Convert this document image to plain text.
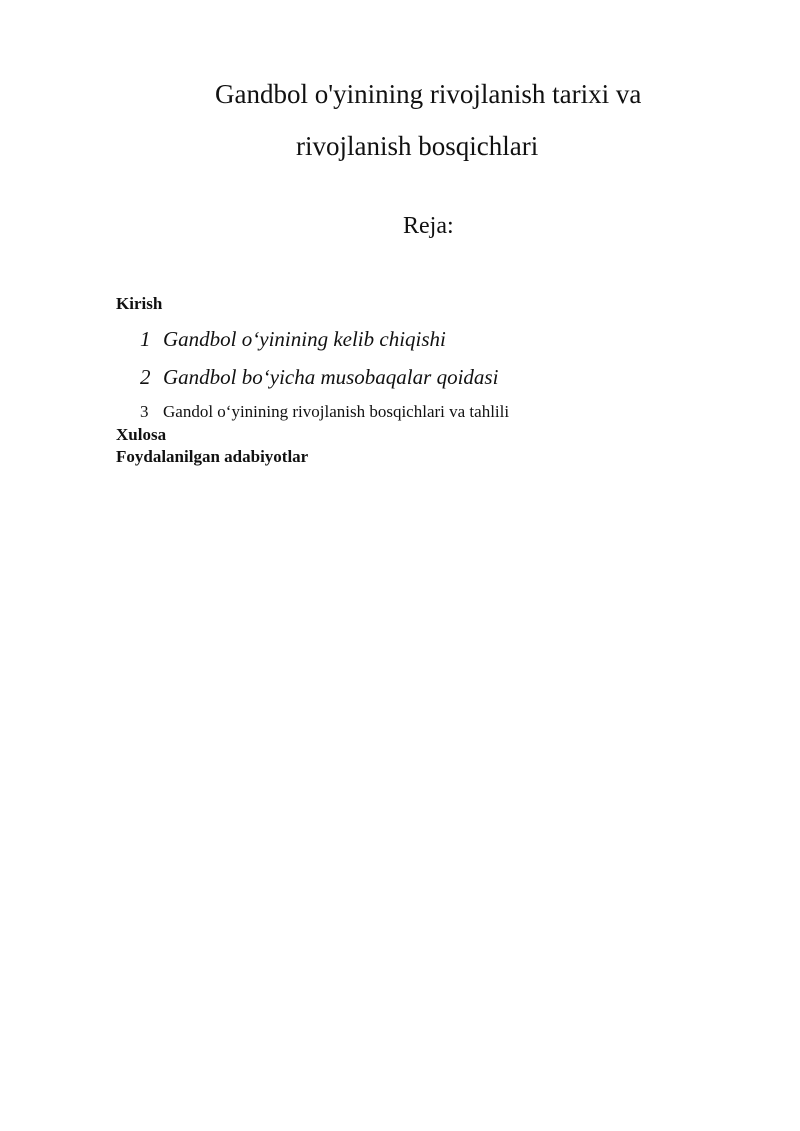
Gandbol o'yinining rivojlanish tarixi va
rivojlanish bosqichlari
Reja:
Kirish
1 Gandbol o‘yinining kelib chiqishi
2 Gandbol bo‘yicha musobaqalar qoidasi
3 Gandol o‘yinining rivojlanish bosqichlari va tahlili
Xulosa
Foydalanilgan adabiyotlar
